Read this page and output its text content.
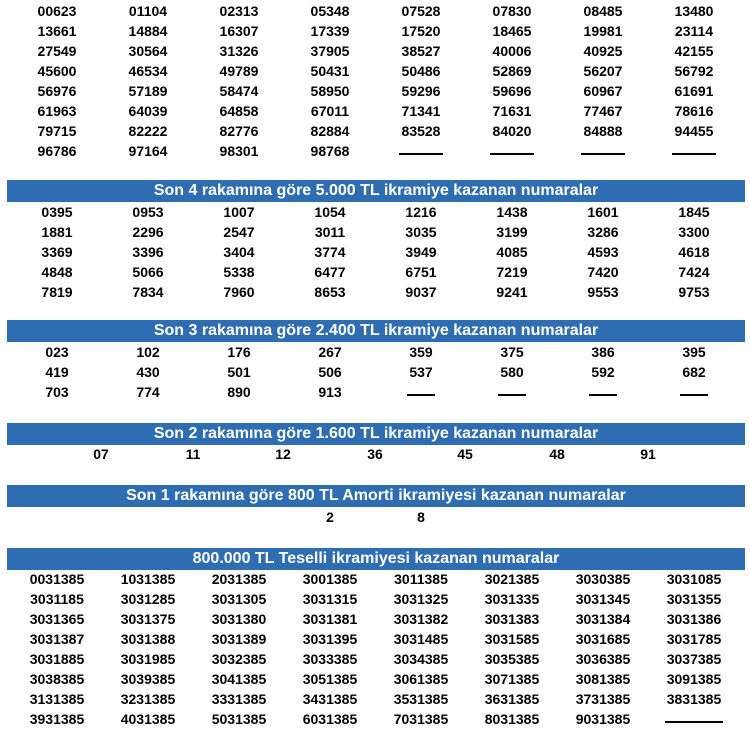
00623	01104	02313	05348	07528	07830	08485	13480
13661	14884	16307	17339	17520	18465	19981	23114
27549	30564	31326	37905	38527	40006	40925	42155
45600	46534	49789	50431	50486	52869	56207	56792
56976	57189	58474	58950	59296	59696	60967	61691
61963	64039	64858	67011	71341	71631	77467	78616
79715	82222	82776	82884	83528	84020	84888	94455
96786	97164	98301	98768
Son 4 rakamına göre 5.000 TL ikramiye kazanan numaralar
0395	0953	1007	1054	1216	1438	1601	1845
1881	2296	2547	3011	3035	3199	3286	3300
3369	3396	3404	3774	3949	4085	4593	4618
4848	5066	5338	6477	6751	7219	7420	7424
7819	7834	7960	8653	9037	9241	9553	9753
Son 3 rakamına göre 2.400 TL ikramiye kazanan numaralar
023	102	176	267	359	375	386	395
419	430	501	506	537	580	592	682
703	774	890	913
Son 2 rakamına göre 1.600 TL ikramiye kazanan numaralar
07	11	12	36	45	48	91
Son 1 rakamına göre 800 TL Amorti ikramiyesi kazanan numaralar
2	8
800.000 TL Teselli ikramiyesi kazanan numaralar
0031385	1031385	2031385	3001385	3011385	3021385	3030385	3031085
3031185	3031285	3031305	3031315	3031325	3031335	3031345	3031355
3031365	3031375	3031380	3031381	3031382	3031383	3031384	3031386
3031387	3031388	3031389	3031395	3031485	3031585	3031685	3031785
3031885	3031985	3032385	3033385	3034385	3035385	3036385	3037385
3038385	3039385	3041385	3051385	3061385	3071385	3081385	3091385
3131385	3231385	3331385	3431385	3531385	3631385	3731385	3831385
3931385	4031385	5031385	6031385	7031385	8031385	9031385
